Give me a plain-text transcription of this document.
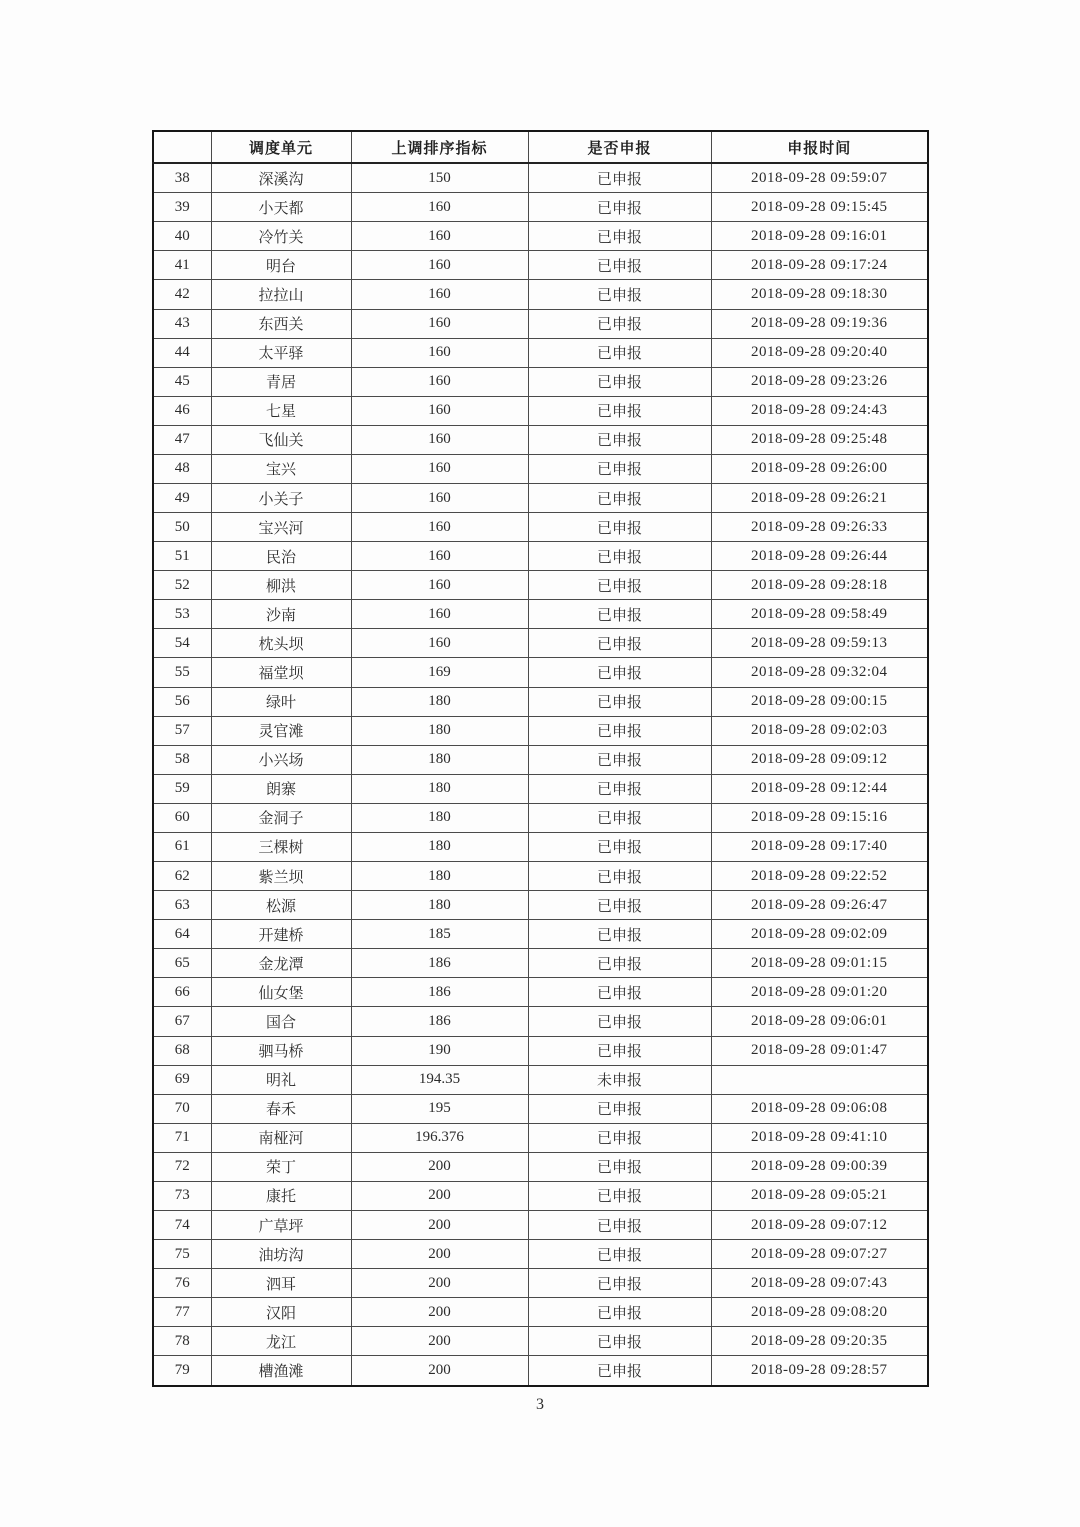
	调度单元	上调排序指标	是否申报	申报时间
38	深溪沟	150	已申报	2018-09-28 09:59:07
39	小天都	160	已申报	2018-09-28 09:15:45
40	冷竹关	160	已申报	2018-09-28 09:16:01
41	明台	160	已申报	2018-09-28 09:17:24
42	拉拉山	160	已申报	2018-09-28 09:18:30
43	东西关	160	已申报	2018-09-28 09:19:36
44	太平驿	160	已申报	2018-09-28 09:20:40
45	青居	160	已申报	2018-09-28 09:23:26
46	七星	160	已申报	2018-09-28 09:24:43
47	飞仙关	160	已申报	2018-09-28 09:25:48
48	宝兴	160	已申报	2018-09-28 09:26:00
49	小关子	160	已申报	2018-09-28 09:26:21
50	宝兴河	160	已申报	2018-09-28 09:26:33
51	民治	160	已申报	2018-09-28 09:26:44
52	柳洪	160	已申报	2018-09-28 09:28:18
53	沙南	160	已申报	2018-09-28 09:58:49
54	枕头坝	160	已申报	2018-09-28 09:59:13
55	福堂坝	169	已申报	2018-09-28 09:32:04
56	绿叶	180	已申报	2018-09-28 09:00:15
57	灵官滩	180	已申报	2018-09-28 09:02:03
58	小兴场	180	已申报	2018-09-28 09:09:12
59	朗寨	180	已申报	2018-09-28 09:12:44
60	金洞子	180	已申报	2018-09-28 09:15:16
61	三棵树	180	已申报	2018-09-28 09:17:40
62	紫兰坝	180	已申报	2018-09-28 09:22:52
63	松源	180	已申报	2018-09-28 09:26:47
64	开建桥	185	已申报	2018-09-28 09:02:09
65	金龙潭	186	已申报	2018-09-28 09:01:15
66	仙女堡	186	已申报	2018-09-28 09:01:20
67	国合	186	已申报	2018-09-28 09:06:01
68	驷马桥	190	已申报	2018-09-28 09:01:47
69	明礼	194.35	未申报	
70	春禾	195	已申报	2018-09-28 09:06:08
71	南桠河	196.376	已申报	2018-09-28 09:41:10
72	荣丁	200	已申报	2018-09-28 09:00:39
73	康托	200	已申报	2018-09-28 09:05:21
74	广草坪	200	已申报	2018-09-28 09:07:12
75	油坊沟	200	已申报	2018-09-28 09:07:27
76	泗耳	200	已申报	2018-09-28 09:07:43
77	汉阳	200	已申报	2018-09-28 09:08:20
78	龙江	200	已申报	2018-09-28 09:20:35
79	槽渔滩	200	已申报	2018-09-28 09:28:57
3
